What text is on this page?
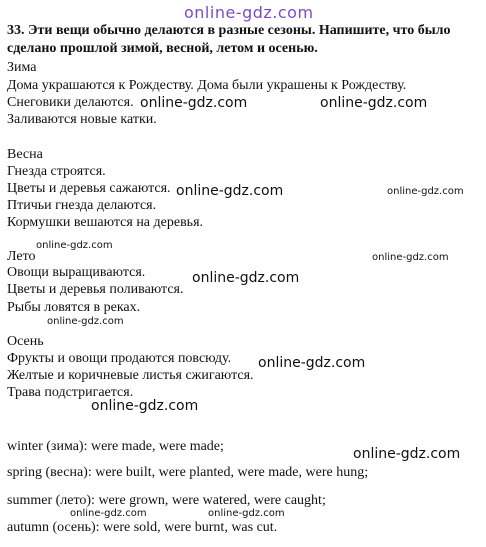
online-gdz.com
33. Эти вещи обычно делаются в разные сезоны. Напишите, что было
сделано прошлой зимой, весной, летом и осенью.
Зима
Дома украшаются к Рождеству. Дома были украшены к Рождеству.
Снеговики делаются.
Заливаются новые катки.
Весна
Гнезда строятся.
Цветы и деревья сажаются.
Птичьи гнезда делаются.
Кормушки вешаются на деревья.
Лето
Овощи выращиваются.
Цветы и деревья поливаются.
Рыбы ловятся в реках.
Осень
Фрукты и овощи продаются повсюду.
Желтые и коричневые листья сжигаются.
Трава подстригается.
winter (зима): were made, were made;
spring (весна): were built, were planted, were made, were hung;
summer (лето): were grown, were watered, were caught;
autumn (осень): were sold, were burnt, was cut.
online-gdz.com	online-gdz.com
online-gdz.com	online-gdz.com
online-gdz.com
online-gdz.com
online-gdz.com
online-gdz.com
online-gdz.com
online-gdz.com
online-gdz.com
online-gdz.com	online-gdz.com
